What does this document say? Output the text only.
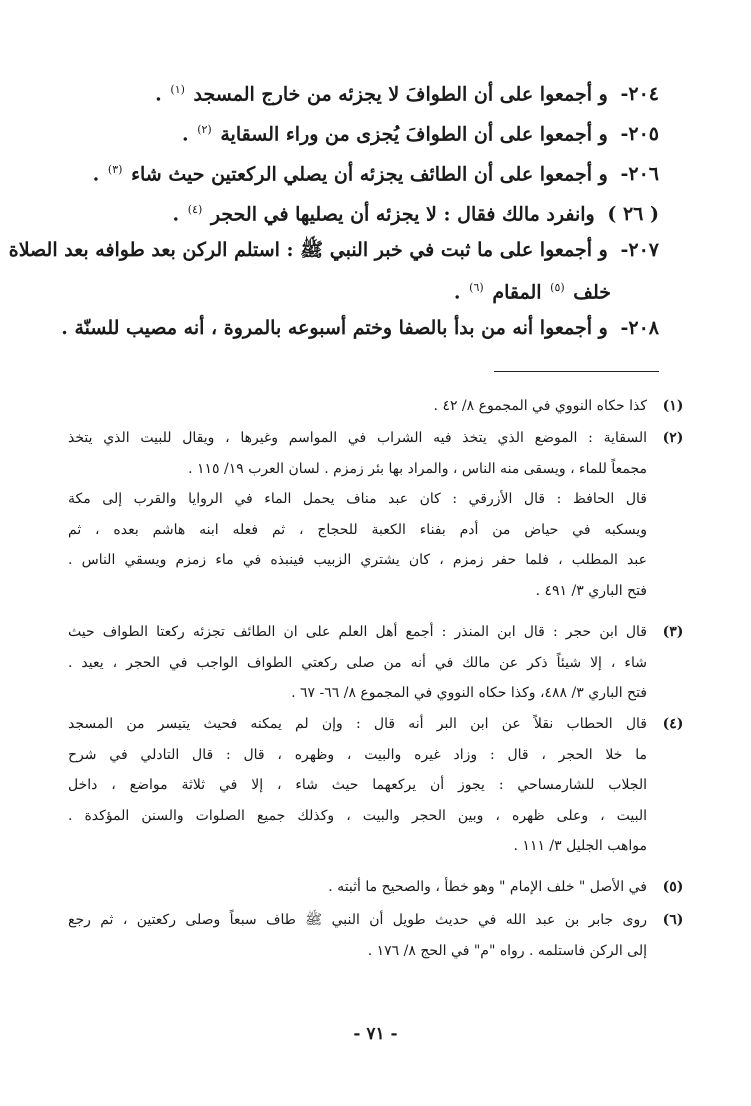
٢٠٤- و أجمعوا على أن الطوافَ لا يجزئه من خارج المسجد $^{(١)}$ .
٢٠٥- و أجمعوا على أن الطوافَ يُجزى من وراء السقاية $^{(٢)}$ .
٢٠٦- و أجمعوا على أن الطائف يجزئه أن يصلي الركعتين حيث شاء $^{(٣)}$ .
( ٢٦ ) وانفرد مالك فقال : لا يجزئه أن يصليها في الحجر $^{(٤)}$ .
٢٠٧- و أجمعوا على ما ثبت في خبر النبي ﷺ : استلم الركن بعد طوافه بعد الصلاة
خلف $^{(٥)}$ المقام $^{(٦)}$ .
٢٠٨- و أجمعوا أنه من بدأ بالصفا وختم أسبوعه بالمروة ، أنه مصيب للسنّة .
(١)
كذا حكاه النووي في المجموع ٨/ ٤٢ .
(٢)
السقاية : الموضع الذي يتخذ فيه الشراب في المواسم وغيرها ، ويقال للبيت الذي يتخذ
مجمعاً للماء ، ويسقى منه الناس ، والمراد بها بئر زمزم . لسان العرب ١٩/ ١١٥ .
قال الحافظ : قال الأزرقي : كان عبد مناف يحمل الماء في الروايا والقرب إلى مكة
ويسكبه في حياض من أدم بفناء الكعبة للحجاج ، ثم فعله ابنه هاشم بعده ، ثم
عبد المطلب ، فلما حفر زمزم ، كان يشتري الزبيب فينبذه في ماء زمزم ويسقي الناس .
فتح الباري ٣/ ٤٩١ .
(٣)
قال ابن حجر : قال ابن المنذر : أجمع أهل العلم على ان الطائف تجزئه ركعتا الطواف حيث
شاء ، إلا شيئاً ذكر عن مالك في أنه من صلى ركعتي الطواف الواجب في الحجر ، يعيد .
فتح الباري ٣/ ٤٨٨، وكذا حكاه النووي في المجموع ٨/ ٦٦- ٦٧ .
(٤)
قال الحطاب نقلاً عن ابن البر أنه قال : وإن لم يمكنه فحيث يتيسر من المسجد
ما خلا الحجر ، قال : وزاد غيره والبيت ، وظهره ، قال : قال التادلي في شرح
الجلاب للشارمساحي : يجوز أن يركعهما حيث شاء ، إلا في ثلاثة مواضع ، داخل
البيت ، وعلى ظهره ، وبين الحجر والبيت ، وكذلك جميع الصلوات والسنن المؤكدة .
مواهب الجليل ٣/ ١١١ .
(٥)
في الأصل " خلف الإمام " وهو خطأ ، والصحيح ما أثبته .
(٦)
روى جابر بن عبد الله في حديث طويل أن النبي ﷺ طاف سبعاً وصلى ركعتين ، ثم رجع
إلى الركن فاستلمه . رواه "م" في الحج ٨/ ١٧٦ .
- ٧١ -
